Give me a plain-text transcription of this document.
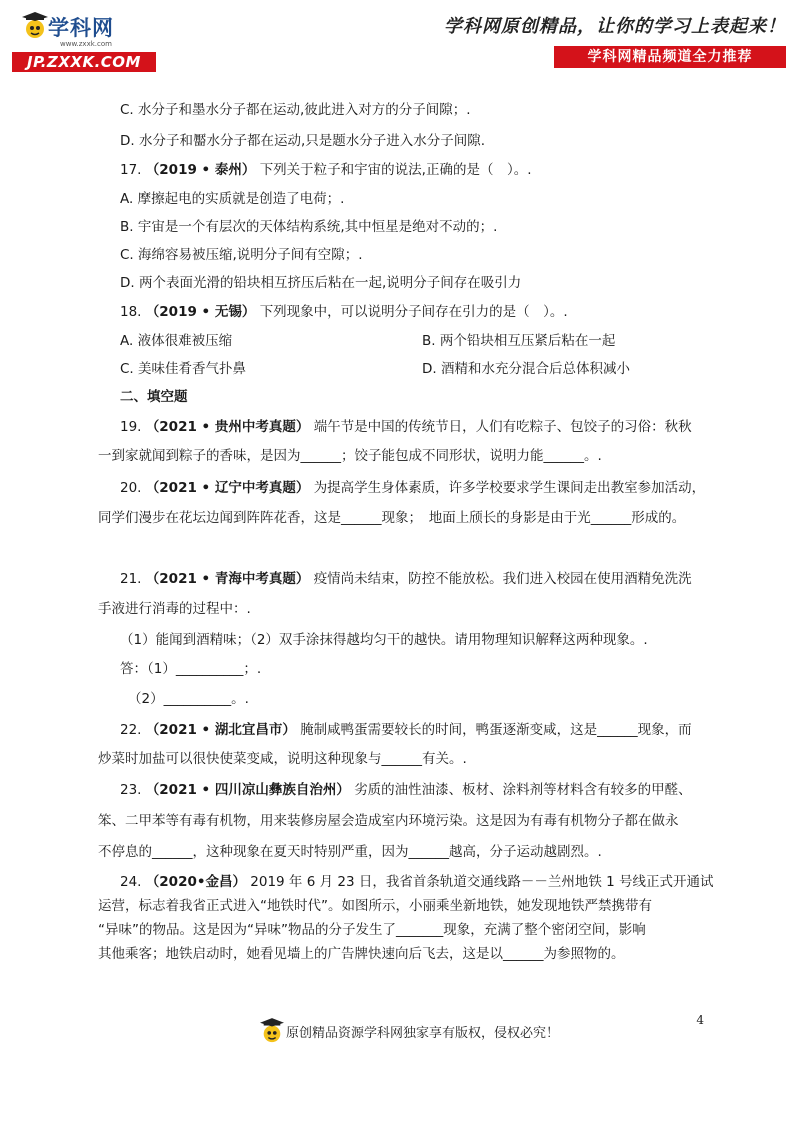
学科网
www.zxxk.com
JP.ZXXK.COM
学科网原创精品，让你的学习上表起来！
学科网精品频道全力推荐
C. 水分子和墨水分子都在运动,彼此进入对方的分子间隙；.
D. 水分子和靨水分子都在运动,只是题水分子进入水分子间隙.
17. （2019 • 泰州） 下列关于粒子和宇宙的说法,正确的是（　）。.
A. 摩擦起电的实质就是创造了电荷；.
B. 宇宙是一个有层次的天体结构系统,其中恒星是绝对不动的；.
C. 海绵容易被压缩,说明分子间有空隙；.
D. 两个表面光滑的铅块相互挤压后粘在一起,说明分子间存在吸引力
18. （2019 • 无锡） 下列现象中，可以说明分子间存在引力的是（　）。.
A. 液体很难被压缩	B. 两个铅块相互压紧后粘在一起
C. 美味佳肴香气扑鼻	D. 酒精和水充分混合后总体积减小
二、填空题
19. （2021 • 贵州中考真题） 端午节是中国的传统节日，人们有吃粽子、包饺子的习俗：秋秋
一到家就闻到粽子的香味，是因为______；饺子能包成不同形状，说明力能______。.
20. （2021 • 辽宁中考真题） 为提高学生身体素质，许多学校要求学生课间走出教室参加活动，
同学们漫步在花坛边闻到阵阵花香，这是______现象；　地面上颀长的身影是由于光______形成的。
21. （2021 • 青海中考真题） 疫情尚未结束，防控不能放松。我们进入校园在使用酒精免洗洗
手液进行消毒的过程中：.
（1）能闻到酒精味；（2）双手涂抹得越均匀干的越快。请用物理知识解释这两种现象。.
答：（1）__________；.
（2）__________。.
22. （2021 • 湖北宜昌市） 腌制咸鸭蛋需要较长的时间，鸭蛋逐渐变咸，这是______现象，而
炒菜时加盐可以很快使菜变咸，说明这种现象与______有关。.
23. （2021 • 四川凉山彝族自治州） 劣质的油性油漆、板材、涂料剂等材料含有较多的甲醛、
笨、二甲苯等有毒有机物，用来装修房屋会造成室内环境污染。这是因为有毒有机物分子都在做永
不停息的______，这种现象在夏天时特别严重，因为______越高，分子运动越剧烈。.
24. （2020•金昌） 2019 年 6 月 23 日，我省首条轨道交通线路－－兰州地铁 1 号线正式开通试
运营，标志着我省正式进入“地铁时代”。如图所示，小丽乘坐新地铁，她发现地铁严禁携带有
“异味”的物品。这是因为“异味”物品的分子发生了_______现象，充满了整个密闭空间，影响
其他乘客；地铁启动时，她看见墙上的广告牌快速向后飞去，这是以______为参照物的。
4
原创精品资源学科网独家享有版权，侵权必究！
